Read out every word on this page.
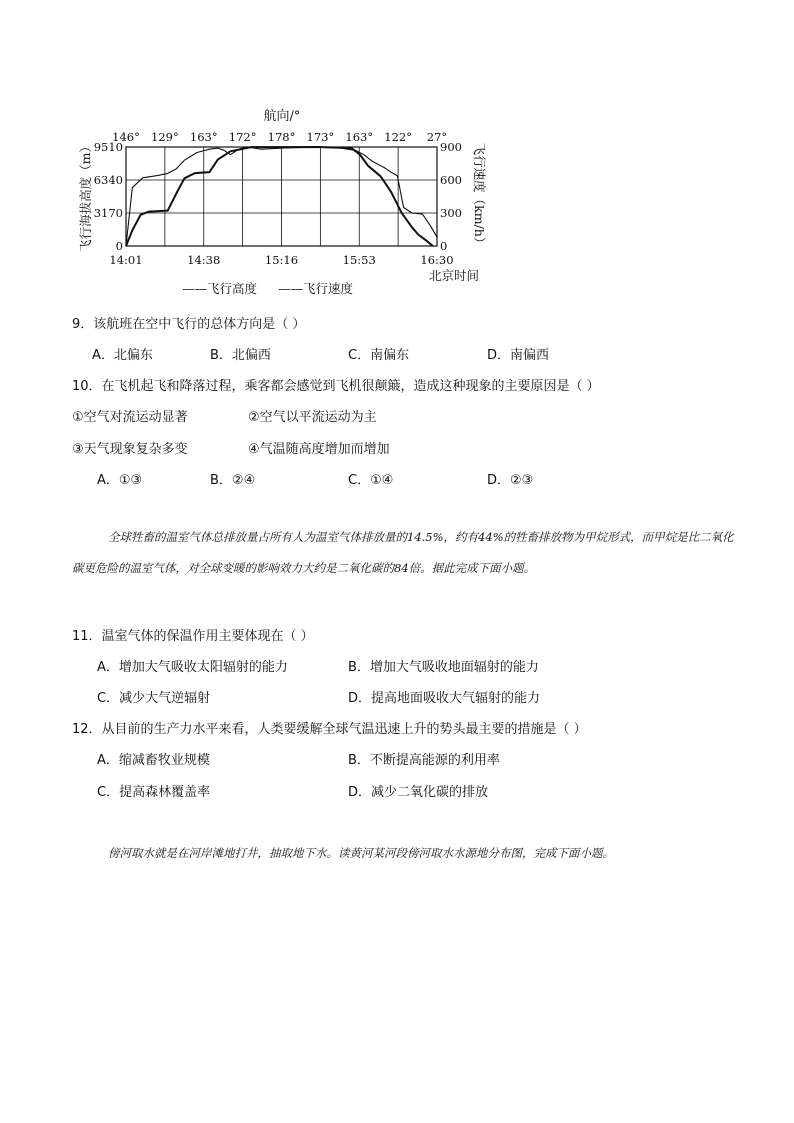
航向/°
146° 129° 163° 172° 178° 173° 163° 122° 27°
0
3170
6340
9510
0
300
600
900
14:01	14:38	15:16	15:53	16:30
飞行海拔高度（m）	飞行速度（km/h）
北京时间
——飞行高度 ——飞行速度
9．该航班在空中飞行的总体方向是（ ）
A．北偏东	B．北偏西	C．南偏东	D．南偏西
10．在飞机起飞和降落过程，乘客都会感觉到飞机很颠簸，造成这种现象的主要原因是（ ）
①空气对流运动显著	②空气以平流运动为主
③天气现象复杂多变	④气温随高度增加而增加
A．①③	B．②④	C．①④	D．②③
全球牲畜的温室气体总排放量占所有人为温室气体排放量的14.5%，约有44%的牲畜排放物为甲烷形式，而甲烷是比二氧化碳更危险的温室气体，对全球变暖的影响效力大约是二氧化碳的84倍。据此完成下面小题。
11．温室气体的保温作用主要体现在（ ）
A．增加大气吸收太阳辐射的能力	B．增加大气吸收地面辐射的能力
C．减少大气逆辐射	D．提高地面吸收大气辐射的能力
12．从目前的生产力水平来看，人类要缓解全球气温迅速上升的势头最主要的措施是（ ）
A．缩减畜牧业规模	B．不断提高能源的利用率
C．提高森林覆盖率	D．减少二氧化碳的排放
傍河取水就是在河岸滩地打井，抽取地下水。读黄河某河段傍河取水水源地分布图，完成下面小题。
